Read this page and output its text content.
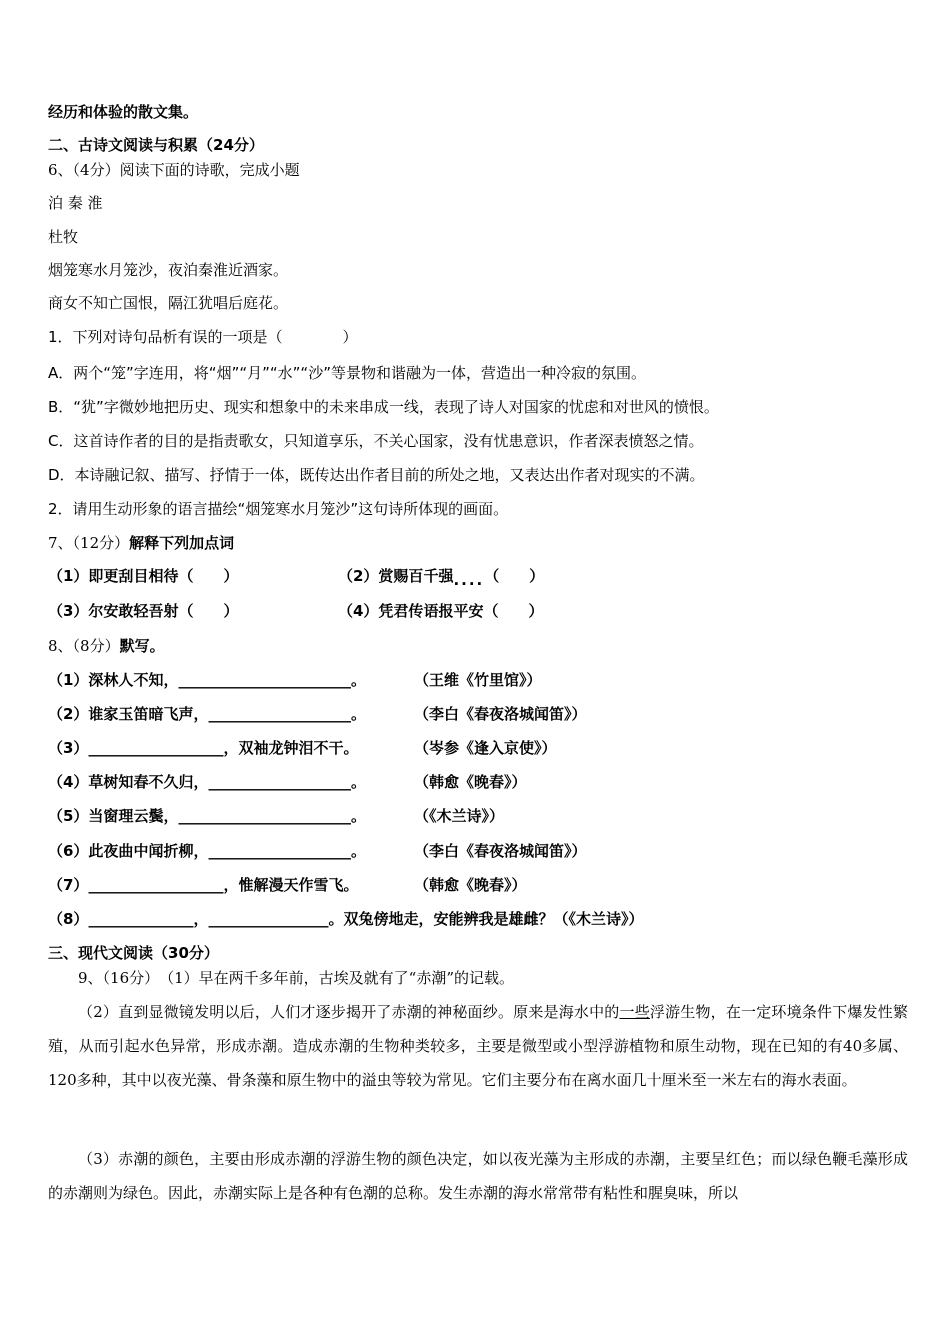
经历和体验的散文集。
二、古诗文阅读与积累（24分）
6、（4分）阅读下面的诗歌，完成小题
泊 秦 淮
杜牧
烟笼寒水月笼沙，夜泊秦淮近酒家。
商女不知亡国恨，隔江犹唱后庭花。
1．下列对诗句品析有误的一项是（　　　　）
A．两个“笼”字连用，将“烟”“月”“水”“沙”等景物和谐融为一体，营造出一种冷寂的氛围。
B．“犹”字微妙地把历史、现实和想象中的未来串成一线，表现了诗人对国家的忧虑和对世风的愤恨。
C．这首诗作者的目的是指责歌女，只知道享乐，不关心国家，没有忧患意识，作者深表愤怒之情。
D．本诗融记叙、描写、抒情于一体，既传达出作者目前的所处之地，又表达出作者对现实的不满。
2．请用生动形象的语言描绘“烟笼寒水月笼沙”这句诗所体现的画面。
7、（12分）解释下列加点词
（1）即更刮目相待（　　）	（2）赏赐百千强....（　　）
（3）尔安敢轻吾射（　　）	（4）凭君传语报平安（　　）
8、（8分）默写。
（1）深林人不知，_______________________。	（王维《竹里馆》）
（2）谁家玉笛暗飞声，___________________。	（李白《春夜洛城闻笛》）
（3）__________________，双袖龙钟泪不干。	（岑参《逢入京使》）
（4）草树知春不久归，___________________。	（韩愈《晚春》）
（5）当窗理云鬓，_______________________。	（《木兰诗》）
（6）此夜曲中闻折柳，___________________。	（李白《春夜洛城闻笛》）
（7）__________________，惟解漫天作雪飞。	（韩愈《晚春》）
（8）______________，________________。双兔傍地走，安能辨我是雄雌？（《木兰诗》）
三、现代文阅读（30分）
9、（16分）　（1）早在两千多年前，古埃及就有了“赤潮”的记载。
（2）直到显微镜发明以后，人们才逐步揭开了赤潮的神秘面纱。原来是海水中的一些浮游生物，在一定环境条件下爆发性繁殖，从而引起水色异常，形成赤潮。造成赤潮的生物种类较多，主要是微型或小型浮游植物和原生动物，现在已知的有40多属、120多种，其中以夜光藻、骨条藻和原生物中的溢虫等较为常见。它们主要分布在离水面几十厘米至一米左右的海水表面。
（3）赤潮的颜色，主要由形成赤潮的浮游生物的颜色决定，如以夜光藻为主形成的赤潮，主要呈红色；而以绿色鞭毛藻形成的赤潮则为绿色。因此，赤潮实际上是各种有色潮的总称。发生赤潮的海水常常带有粘性和腥臭味，所以
